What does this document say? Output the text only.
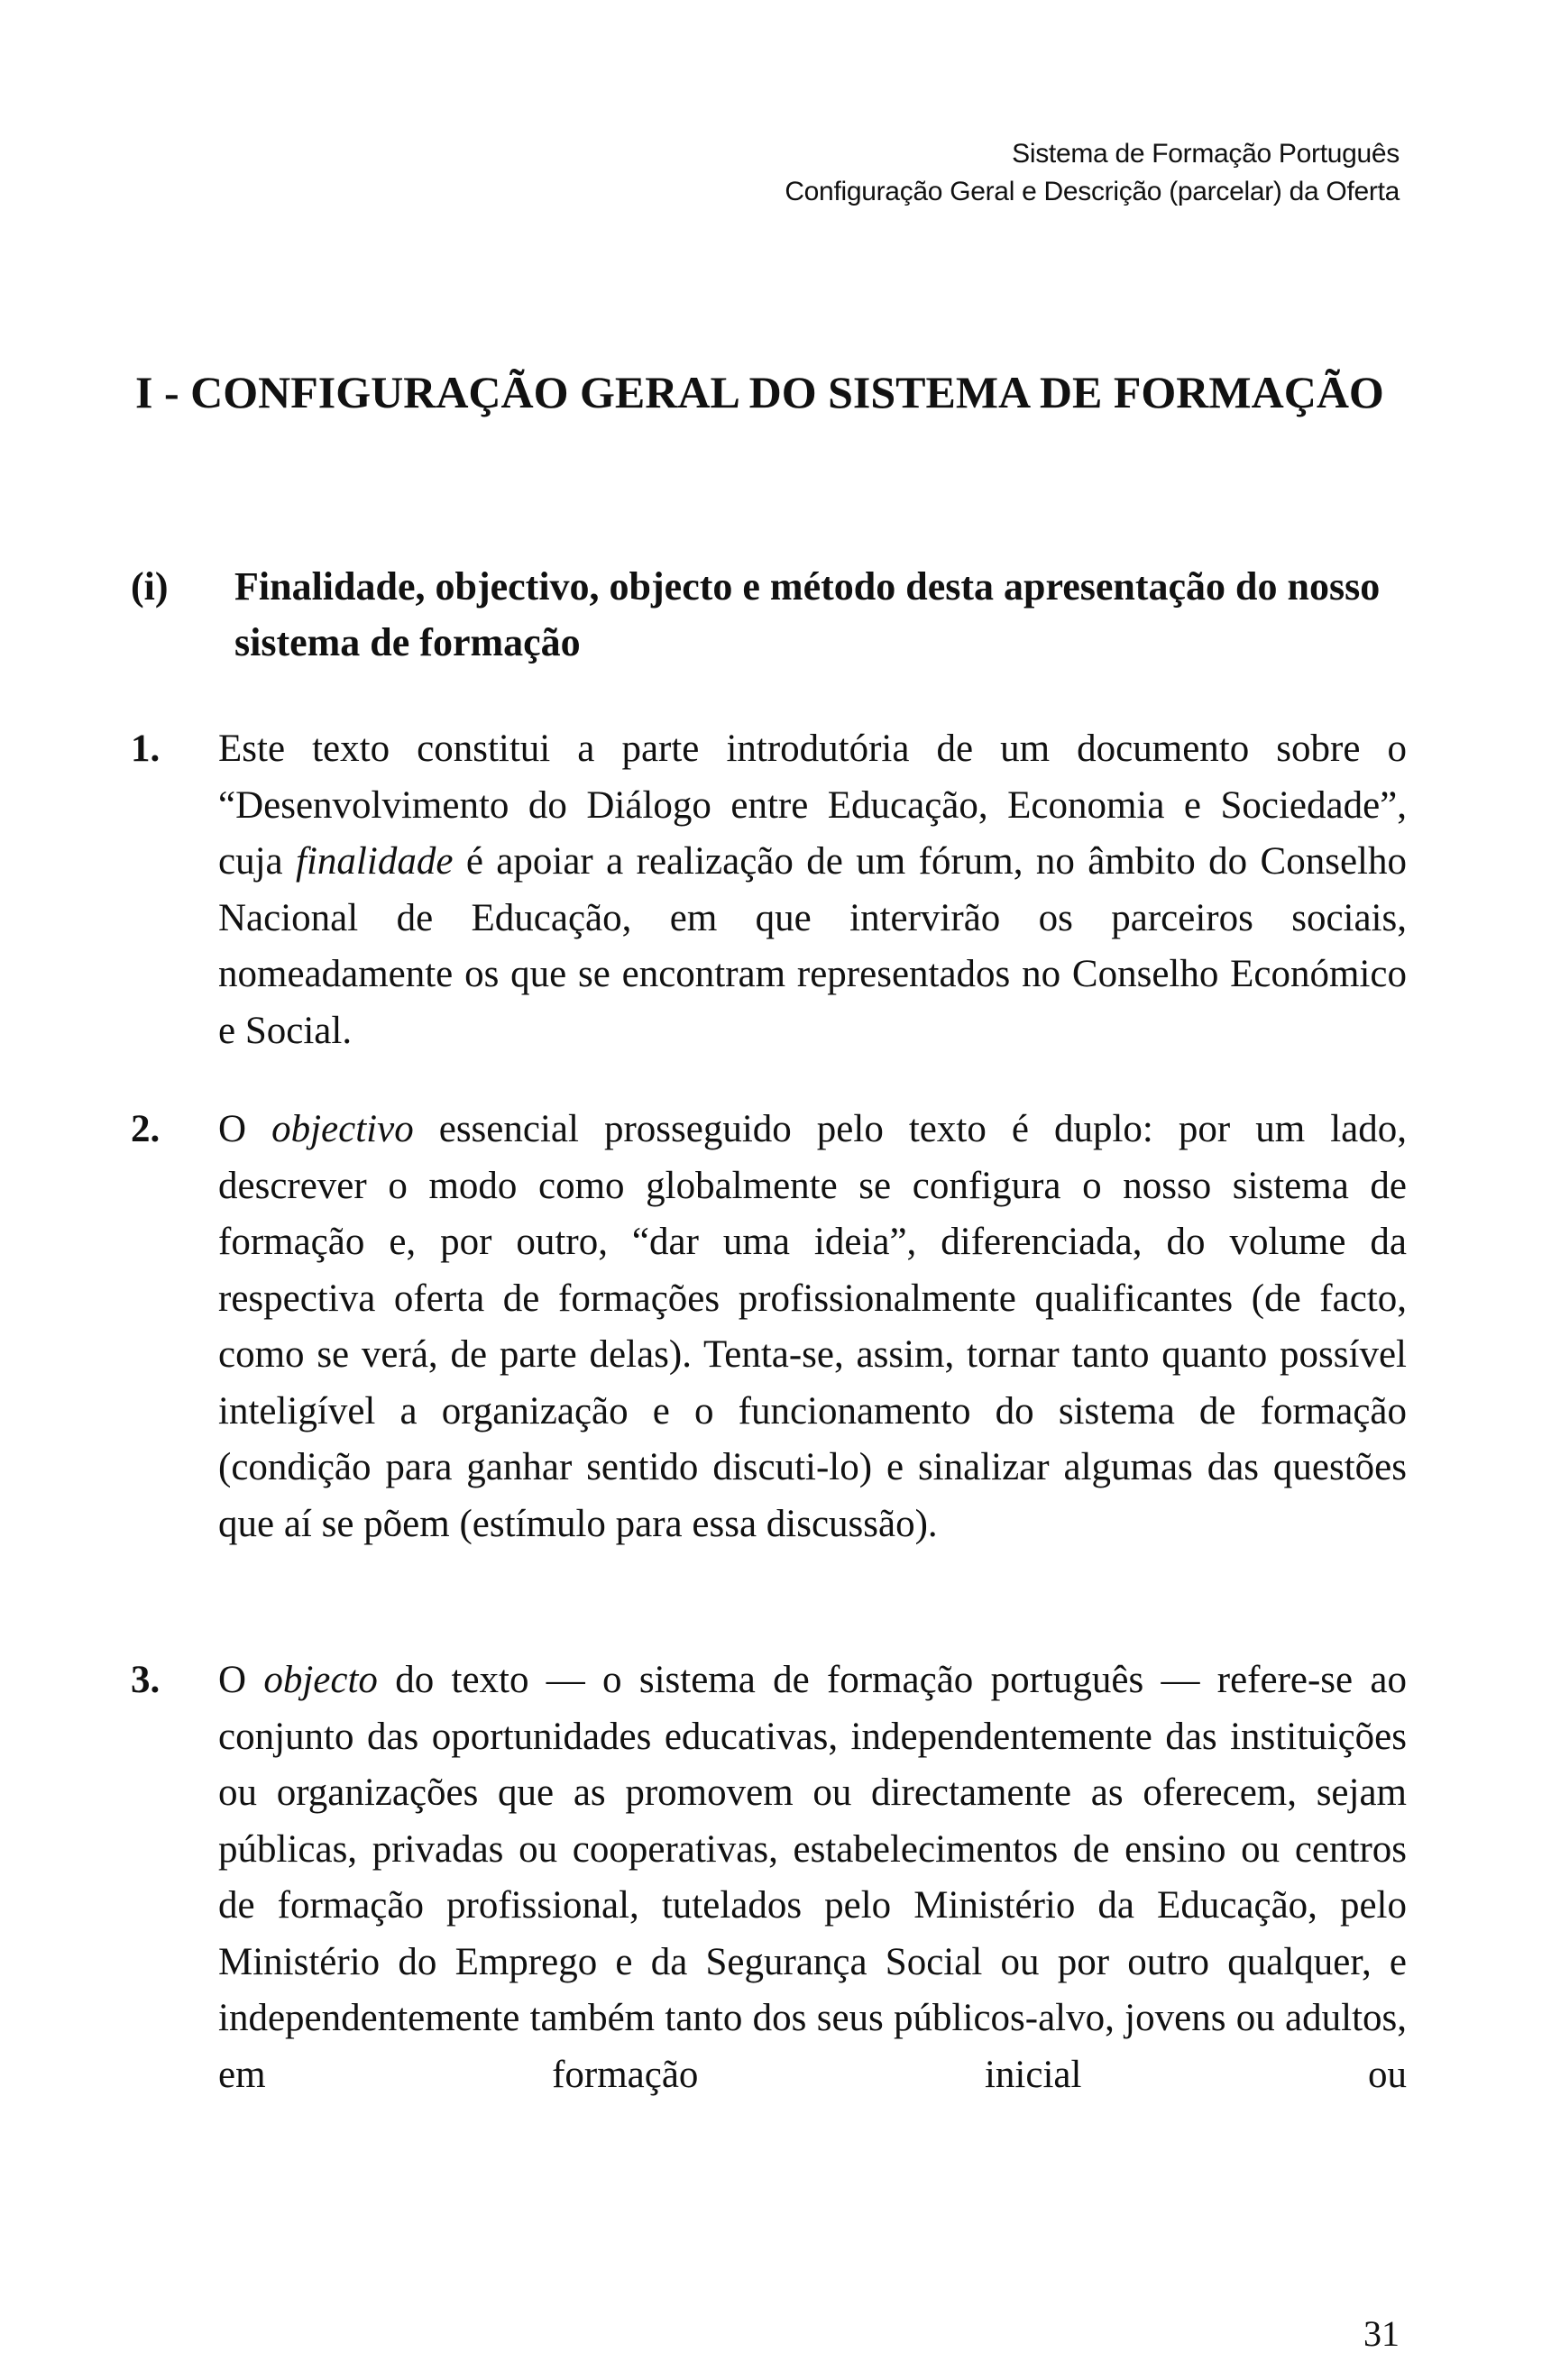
Sistema de Formação Português
Configuração Geral e Descrição (parcelar) da Oferta
I - CONFIGURAÇÃO GERAL DO SISTEMA DE FORMAÇÃO
(i) Finalidade, objectivo, objecto e método desta apresentação do nosso sistema de formação
1. Este texto constitui a parte introdutória de um documento sobre o “Desenvolvimento do Diálogo entre Educação, Economia e Sociedade”, cuja finalidade é apoiar a realização de um fórum, no âmbito do Conselho Nacional de Educação, em que intervirão os parceiros sociais, nomeadamente os que se encontram representados no Conselho Económico e Social.
2. O objectivo essencial prosseguido pelo texto é duplo: por um lado, descrever o modo como globalmente se configura o nosso sistema de formação e, por outro, “dar uma ideia”, diferenciada, do volume da respectiva oferta de formações profissionalmente qualificantes (de facto, como se verá, de parte delas). Tenta-se, assim, tornar tanto quanto possível inteligível a organização e o funcionamento do sistema de formação (condição para ganhar sentido discuti-lo) e sinalizar algumas das questões que aí se põem (estímulo para essa discussão).
3. O objecto do texto — o sistema de formação português — refere-se ao conjunto das oportunidades educativas, independentemente das instituições ou organizações que as promovem ou directamente as oferecem, sejam públicas, privadas ou cooperativas, estabelecimentos de ensino ou centros de formação profissional, tutelados pelo Ministério da Educação, pelo Ministério do Emprego e da Segurança Social ou por outro qualquer, e independentemente também tanto dos seus públicos-alvo, jovens ou adultos, em formação inicial ou
31
